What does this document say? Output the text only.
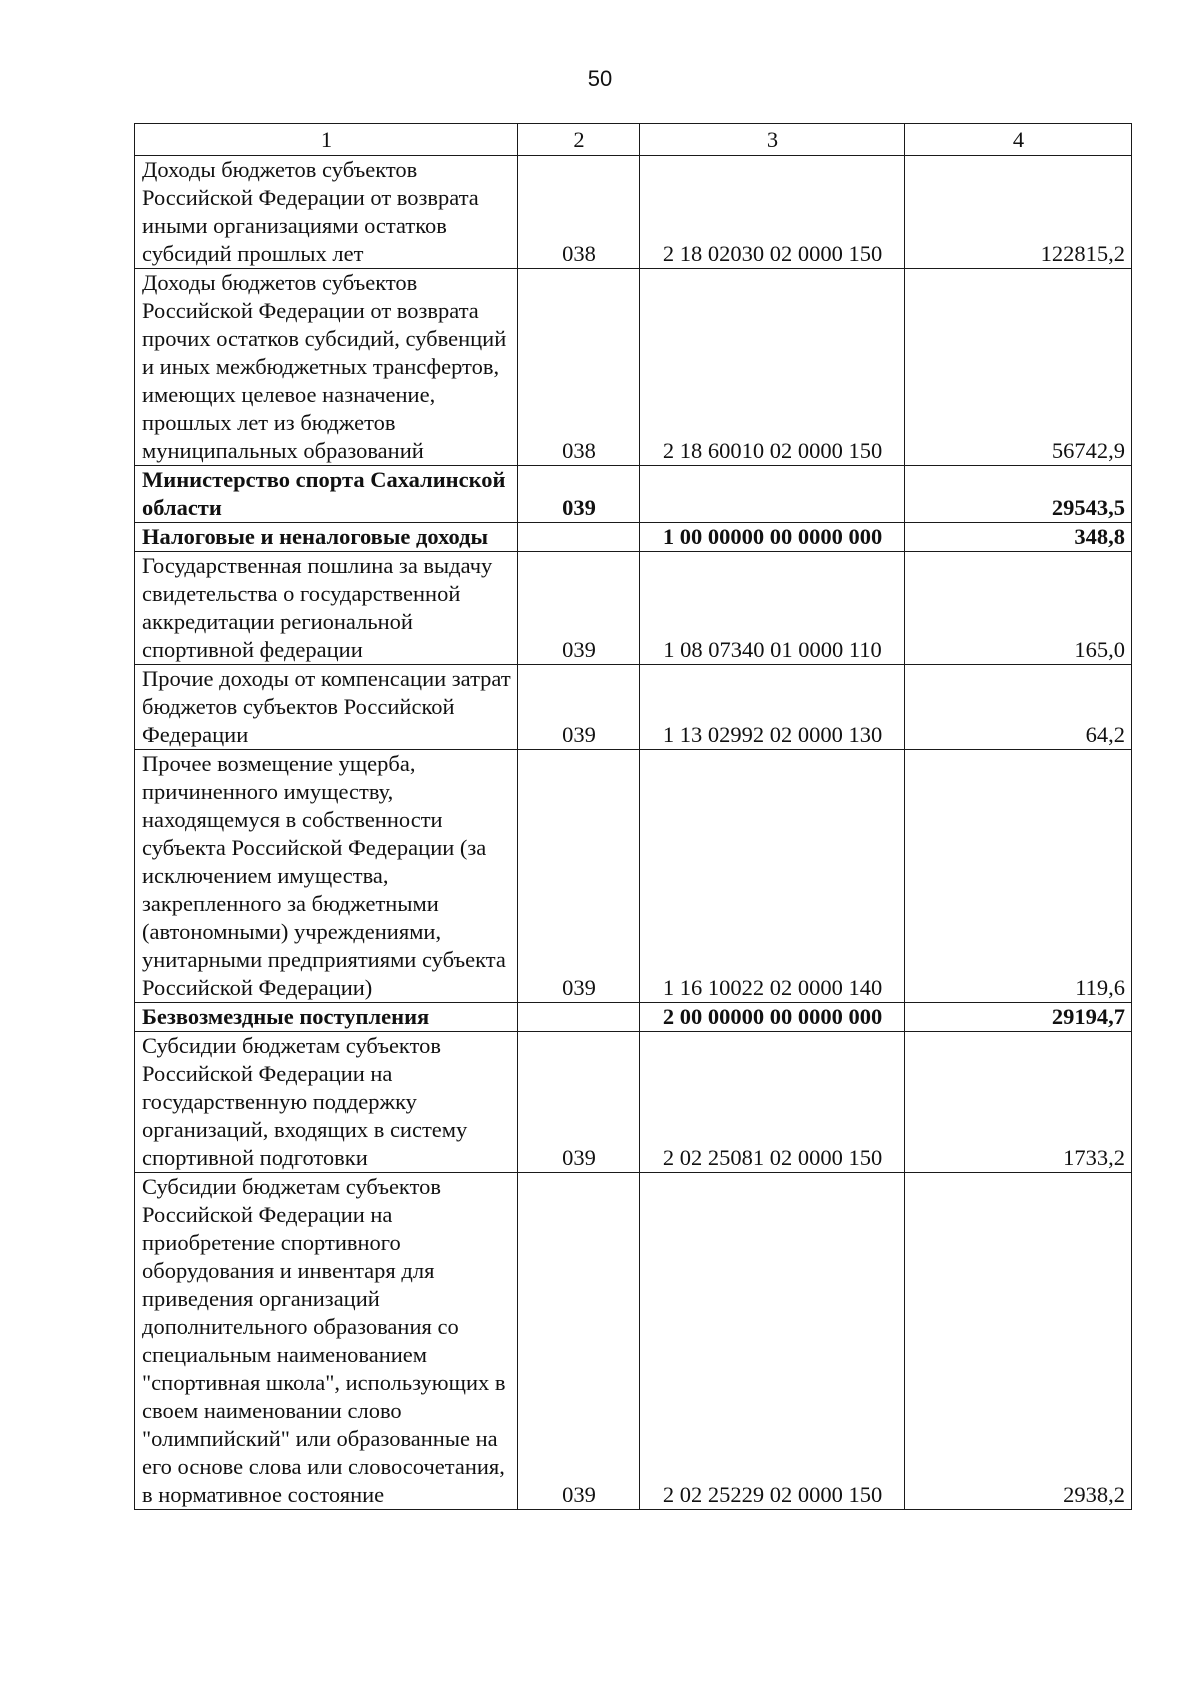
50
1	2	3	4
Доходы бюджетов субъектов Российской Федерации от возврата иными организациями остатков субсидий прошлых лет	038	2 18 02030 02 0000 150	122815,2
Доходы бюджетов субъектов Российской Федерации от возврата прочих остатков субсидий, субвенций и иных межбюджетных трансфертов, имеющих целевое назначение, прошлых лет из бюджетов муниципальных образований	038	2 18 60010 02 0000 150	56742,9
Министерство спорта Сахалинской области	039		29543,5
Налоговые и неналоговые доходы		1 00 00000 00 0000 000	348,8
Государственная пошлина за выдачу свидетельства о государственной аккредитации региональной спортивной федерации	039	1 08 07340 01 0000 110	165,0
Прочие доходы от компенсации затрат бюджетов субъектов Российской Федерации	039	1 13 02992 02 0000 130	64,2
Прочее возмещение ущерба, причиненного имуществу, находящемуся в собственности субъекта Российской Федерации (за исключением имущества, закрепленного за бюджетными (автономными) учреждениями, унитарными предприятиями субъекта Российской Федерации)	039	1 16 10022 02 0000 140	119,6
Безвозмездные поступления		2 00 00000 00 0000 000	29194,7
Субсидии бюджетам субъектов Российской Федерации на государственную поддержку организаций, входящих в систему спортивной подготовки	039	2 02 25081 02 0000 150	1733,2
Субсидии бюджетам субъектов Российской Федерации на приобретение спортивного оборудования и инвентаря для приведения организаций дополнительного образования со специальным наименованием "спортивная школа", использующих в своем наименовании слово "олимпийский" или образованные на его основе слова или словосочетания, в нормативное состояние	039	2 02 25229 02 0000 150	2938,2
